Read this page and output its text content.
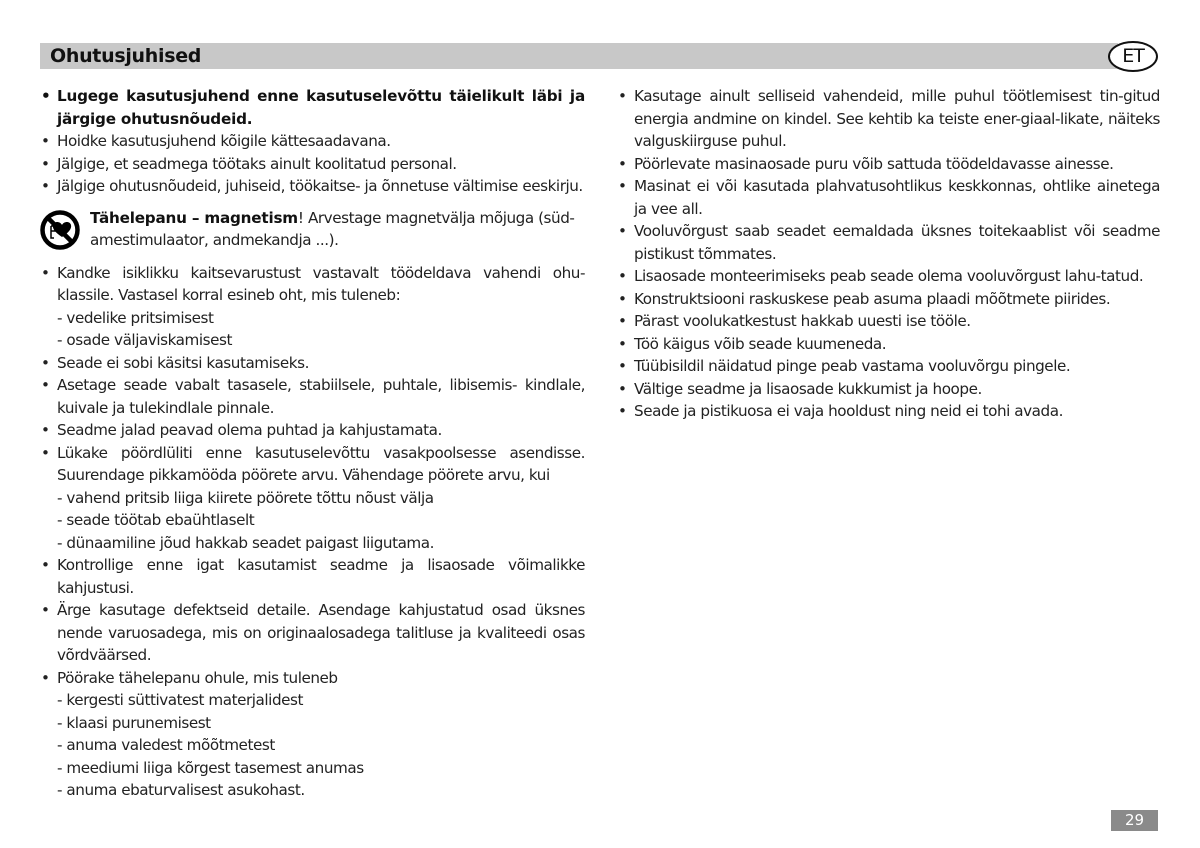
Ohutusjuhised	ET
• Lugege kasutusjuhend enne kasutuselevõttu täielikult läbi ja järgige ohutusnõudeid.
• Hoidke kasutusjuhend kõigile kättesaadavana.
• Jälgige, et seadmega töötaks ainult koolitatud personal.
• Jälgige ohutusnõudeid, juhiseid, töökaitse- ja õnnetuse vältimise eeskirju.
Tähelepanu – magnetism! Arvestage magnetvälja mõjuga (süd-amestimulaator, andmekandja ...).
• Kandke isiklikku kaitsevarustust vastavalt töödeldava vahendi ohu-klassile. Vastasel korral esineb oht, mis tuleneb:
- vedelike pritsimisest
- osade väljaviskamisest
• Seade ei sobi käsitsi kasutamiseks.
• Asetage seade vabalt tasasele, stabiilsele, puhtale, libisemis- kindlale, kuivale ja tulekindlale pinnale.
• Seadme jalad peavad olema puhtad ja kahjustamata.
• Lükake pöördlüliti enne kasutuselevõttu vasakpoolsesse asendisse. Suurendage pikkamööda pöörete arvu. Vähendage pöörete arvu, kui
- vahend pritsib liiga kiirete pöörete tõttu nõust välja
- seade töötab ebaühtlaselt
- dünaamiline jõud hakkab seadet paigast liigutama.
• Kontrollige enne igat kasutamist seadme ja lisaosade võimalikke kahjustusi.
• Ärge kasutage defektseid detaile. Asendage kahjustatud osad üksnes nende varuosadega, mis on originaalosadega talitluse ja kvaliteedi osas võrdväärsed.
• Pöörake tähelepanu ohule, mis tuleneb
- kergesti süttivatest materjalidest
- klaasi purunemisest
- anuma valedest mõõtmetest
- meediumi liiga kõrgest tasemest anumas
- anuma ebaturvalisest asukohast.
• Kasutage ainult selliseid vahendeid, mille puhul töötlemisest tin-gitud energia andmine on kindel. See kehtib ka teiste ener-giaal-likate, näiteks valguskiirguse puhul.
• Pöörlevate masinaosade puru võib sattuda töödeldavasse ainesse.
• Masinat ei või kasutada plahvatusohtlikus keskkonnas, ohtlike ainetega ja vee all.
• Vooluvõrgust saab seadet eemaldada üksnes toitekaablist või seadme pistikust tõmmates.
• Lisaosade monteerimiseks peab seade olema vooluvõrgust lahu-tatud.
• Konstruktsiooni raskuskese peab asuma plaadi mõõtmete piirides.
• Pärast voolukatkestust hakkab uuesti ise tööle.
• Töö käigus võib seade kuumeneda.
• Tüübisildil näidatud pinge peab vastama vooluvõrgu pingele.
• Vältige seadme ja lisaosade kukkumist ja hoope.
• Seade ja pistikuosa ei vaja hooldust ning neid ei tohi avada.
29
